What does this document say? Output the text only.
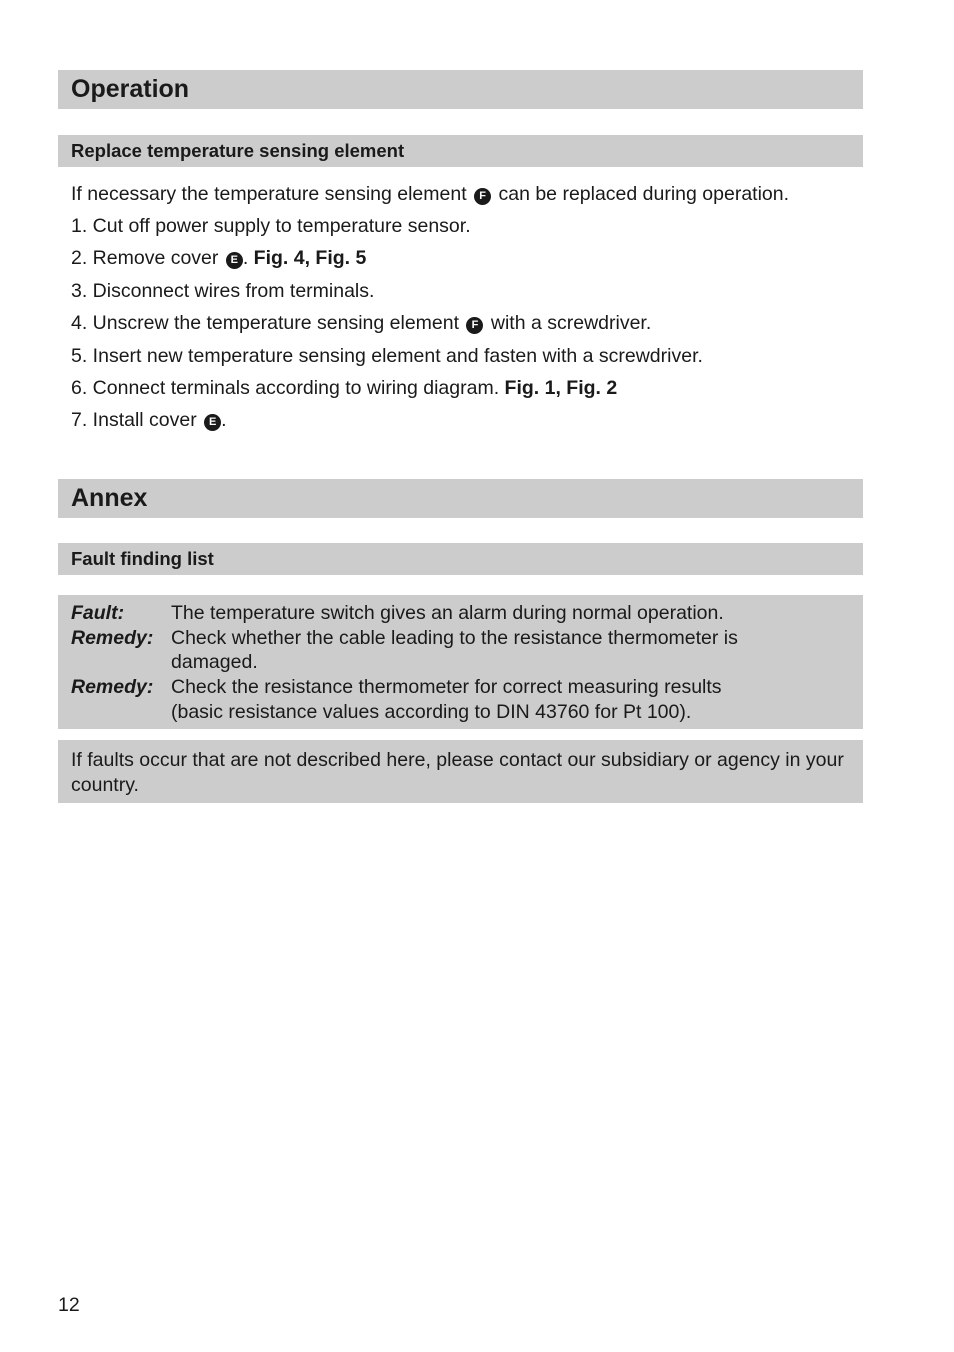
Operation
Replace temperature sensing element
If necessary the temperature sensing element F can be replaced during operation.
1. Cut off power supply to temperature sensor.
2. Remove cover E . Fig. 4, Fig. 5
3. Disconnect wires from terminals.
4. Unscrew the temperature sensing element F with a screwdriver.
5. Insert new temperature sensing element and fasten with a screwdriver.
6. Connect terminals according to wiring diagram. Fig. 1, Fig. 2
7. Install cover E .
Annex
Fault finding list
Fault: The temperature switch gives an alarm during normal operation.
Remedy: Check whether the cable leading to the resistance thermometer is
damaged.
Remedy: Check the resistance thermometer for correct measuring results
(basic resistance values according to DIN 43760 for Pt 100).
If faults occur that are not described here, please contact our subsidiary or agency in your country.
12
